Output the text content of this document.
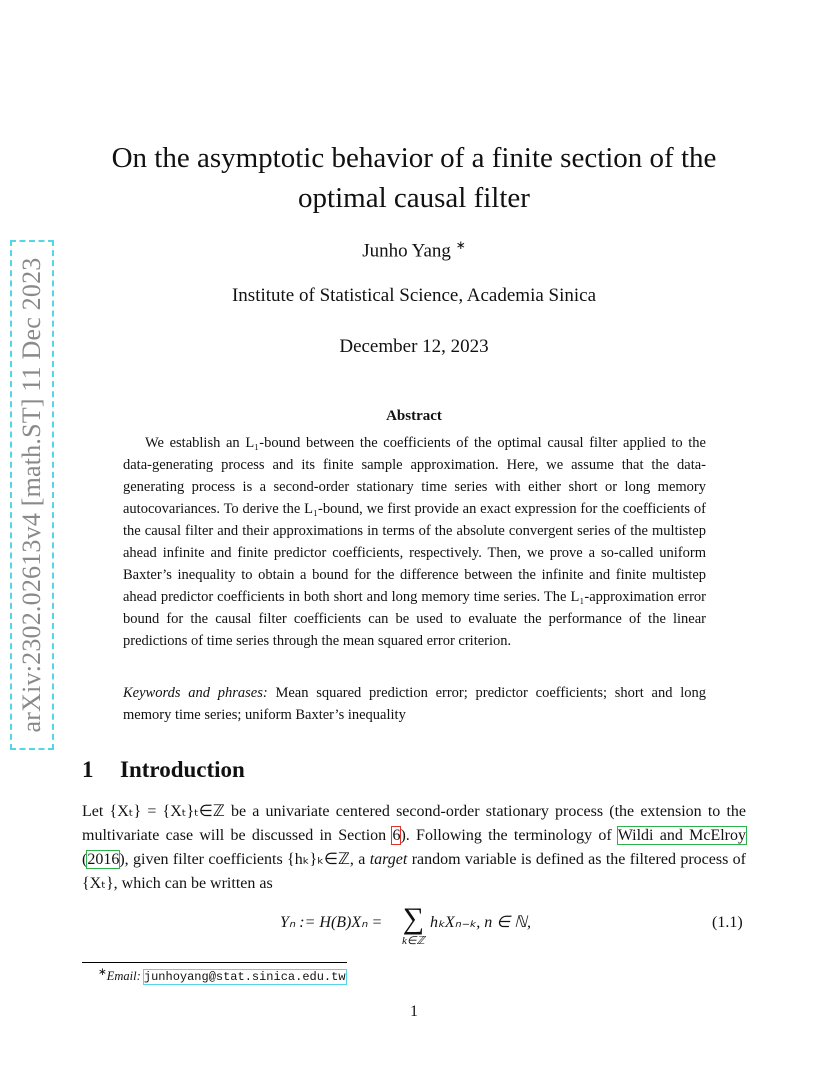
arXiv:2302.02613v4 [math.ST] 11 Dec 2023
On the asymptotic behavior of a finite section of the
optimal causal filter
Junho Yang ∗
Institute of Statistical Science, Academia Sinica
December 12, 2023
Abstract
We establish an L₁-bound between the coefficients of the optimal causal filter applied to the data-generating process and its finite sample approximation. Here, we assume that the data-generating process is a second-order stationary time series with either short or long memory autocovariances. To derive the L₁-bound, we first provide an exact expression for the coefficients of the causal filter and their approximations in terms of the absolute convergent series of the multistep ahead infinite and finite predictor coefficients, respectively. Then, we prove a so-called uniform Baxter’s inequality to obtain a bound for the difference between the infinite and finite multistep ahead predictor coefficients in both short and long memory time series. The L₁-approximation error bound for the causal filter coefficients can be used to evaluate the performance of the linear predictions of time series through the mean squared error criterion.
Keywords and phrases: Mean squared prediction error; predictor coefficients; short and long memory time series; uniform Baxter’s inequality
1 Introduction
Let {Xₜ} = {Xₜ}ₜ∈ℤ be a univariate centered second-order stationary process (the extension to the multivariate case will be discussed in Section 6). Following the terminology of Wildi and McElroy (2016), given filter coefficients {hₖ}ₖ∈ℤ, a target random variable is defined as the filtered process of {Xₜ}, which can be written as
Yₙ := H(B)Xₙ = ∑
k∈ℤ
hₖXₙ₋ₖ, n ∈ ℕ,	(1.1)
∗Email: junhoyang@stat.sinica.edu.tw
1
